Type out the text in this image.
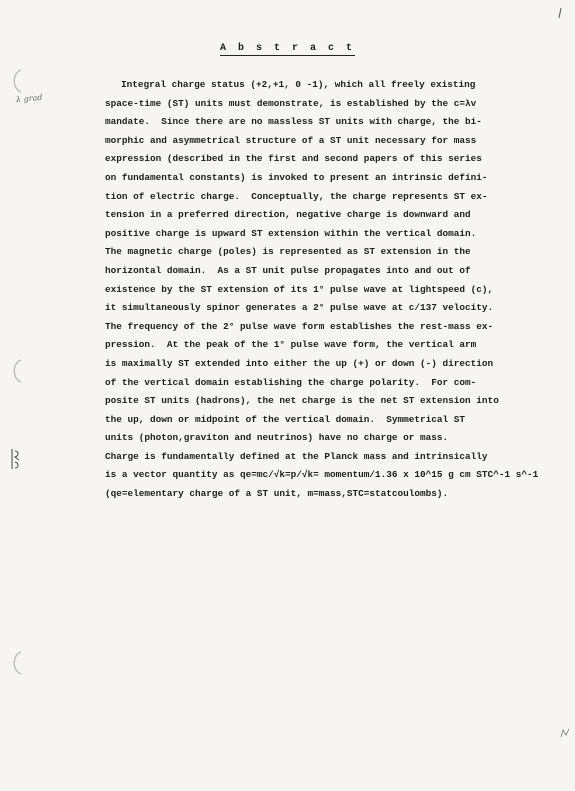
A b s t r a c t
λ grad
Integral charge status (+2,+1, 0 -1), which all freely existing
space-time (ST) units must demonstrate, is established by the c=λv
mandate.  Since there are no massless ST units with charge, the bi-
morphic and asymmetrical structure of a ST unit necessary for mass
expression (described in the first and second papers of this series
on fundamental constants) is invoked to present an intrinsic defini-
tion of electric charge.  Conceptually, the charge represents ST ex-
tension in a preferred direction, negative charge is downward and
positive charge is upward ST extension within the vertical domain.
The magnetic charge (poles) is represented as ST extension in the
horizontal domain.  As a ST unit pulse propagates into and out of
existence by the ST extension of its 1° pulse wave at lightspeed (c),
it simultaneously spinor generates a 2° pulse wave at c/137 velocity.
The frequency of the 2° pulse wave form establishes the rest-mass ex-
pression.  At the peak of the 1° pulse wave form, the vertical arm
is maximally ST extended into either the up (+) or down (-) direction
of the vertical domain establishing the charge polarity.  For com-
posite ST units (hadrons), the net charge is the net ST extension into
the up, down or midpoint of the vertical domain.  Symmetrical ST
units (photon,graviton and neutrinos) have no charge or mass.
Charge is fundamentally defined at the Planck mass and intrinsically
is a vector quantity as qe=mc/√k=p/√k= momentum/1.36 x 10^15 g cm STC^-1 s^-1
(qe=elementary charge of a ST unit, m=mass,STC=statcoulombs).
